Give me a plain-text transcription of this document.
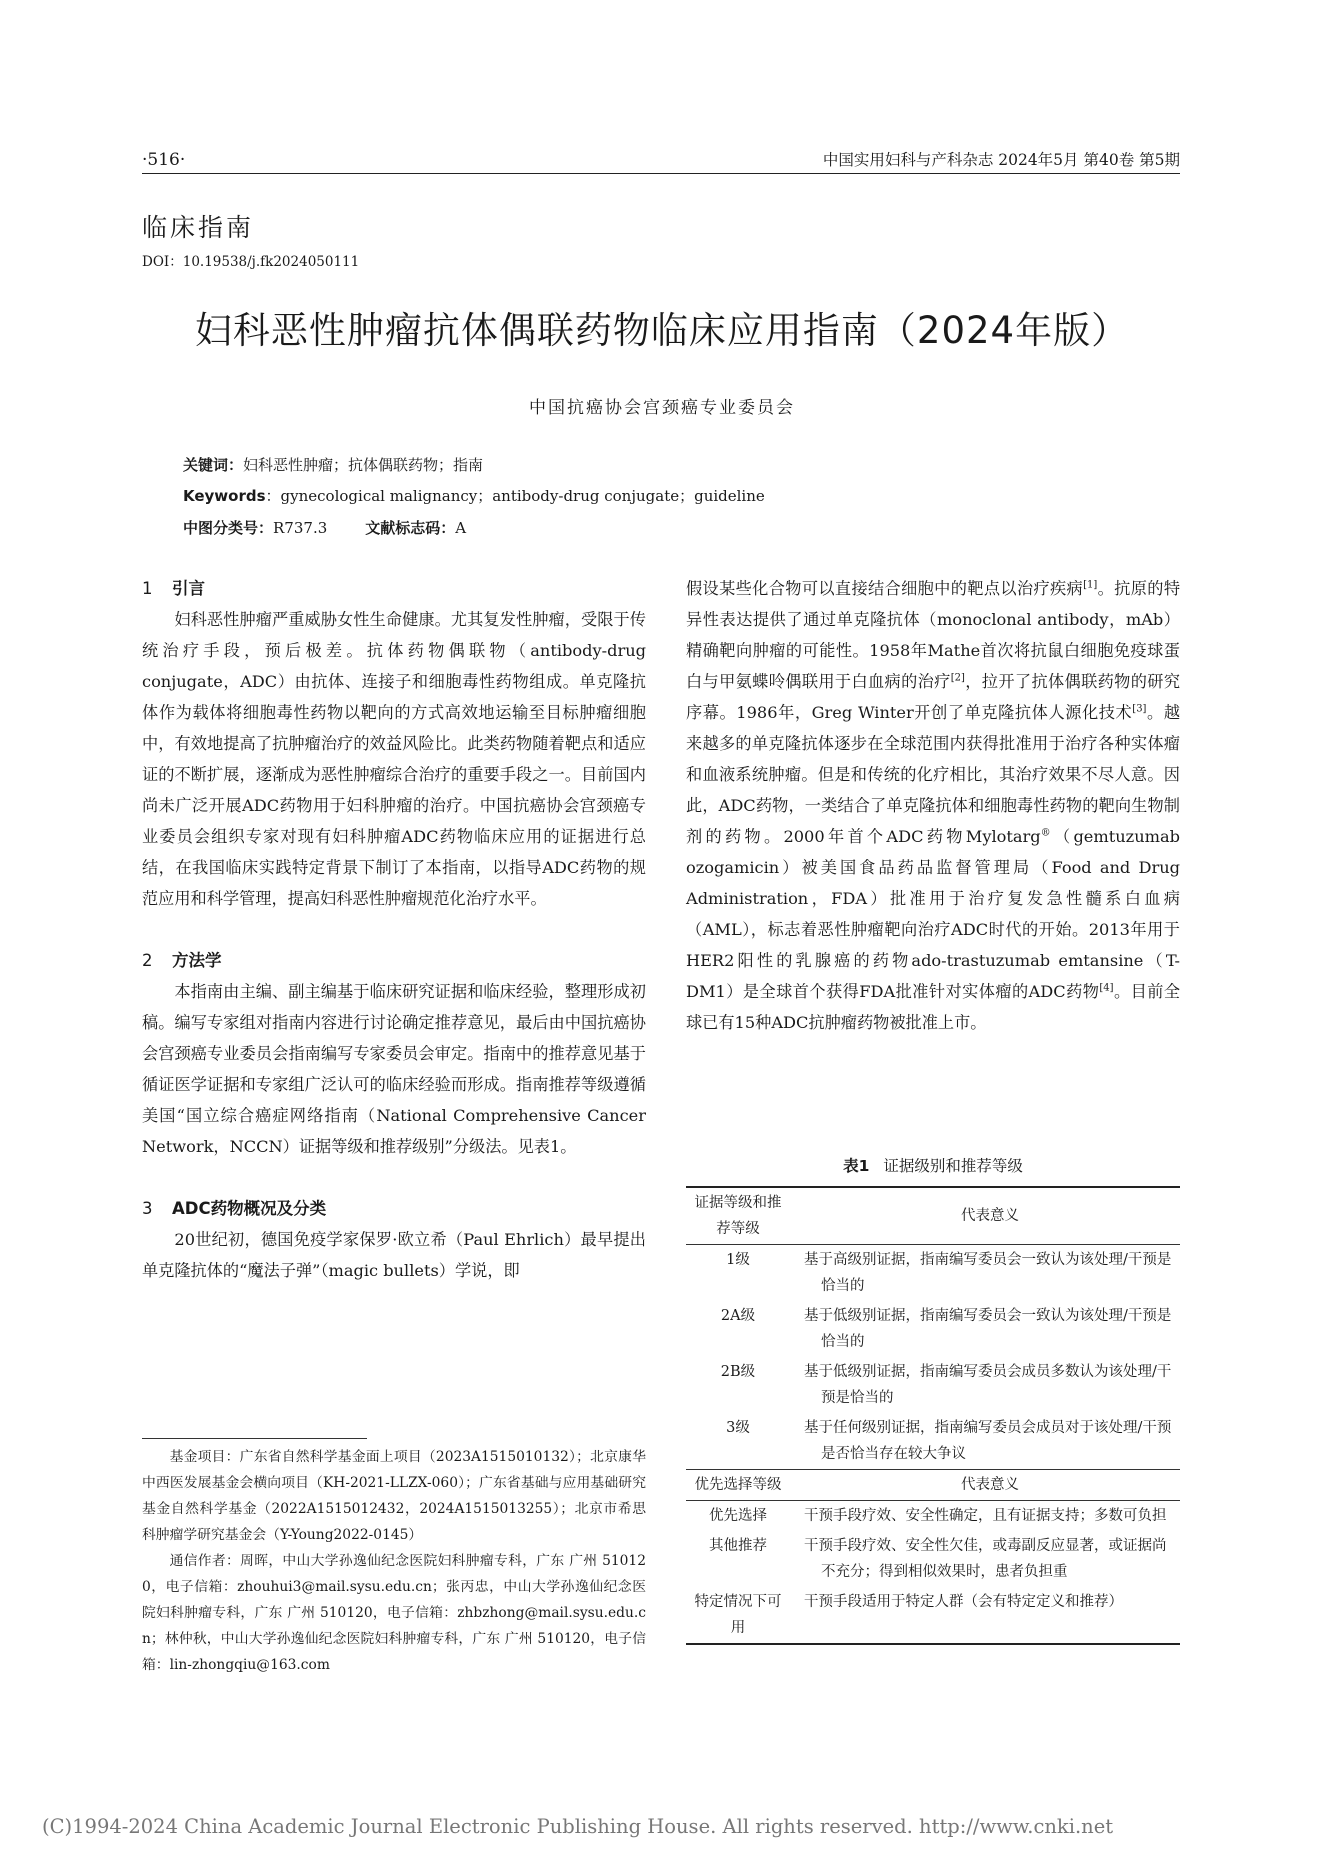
·516·	中国实用妇科与产科杂志 2024年5月 第40卷 第5期
临床指南
DOI：10.19538/j.fk2024050111
妇科恶性肿瘤抗体偶联药物临床应用指南（2024年版）
中国抗癌协会宫颈癌专业委员会
关键词：妇科恶性肿瘤；抗体偶联药物；指南
Keywords：gynecological malignancy；antibody-drug conjugate；guideline
中图分类号：R737.3	文献标志码：A
1 引言

妇科恶性肿瘤严重威胁女性生命健康。尤其复发性肿瘤，受限于传统治疗手段，预后极差。抗体药物偶联物（antibody-drug conjugate，ADC）由抗体、连接子和细胞毒性药物组成。单克隆抗体作为载体将细胞毒性药物以靶向的方式高效地运输至目标肿瘤细胞中，有效地提高了抗肿瘤治疗的效益风险比。此类药物随着靶点和适应证的不断扩展，逐渐成为恶性肿瘤综合治疗的重要手段之一。目前国内尚未广泛开展ADC药物用于妇科肿瘤的治疗。中国抗癌协会宫颈癌专业委员会组织专家对现有妇科肿瘤ADC药物临床应用的证据进行总结，在我国临床实践特定背景下制订了本指南，以指导ADC药物的规范应用和科学管理，提高妇科恶性肿瘤规范化治疗水平。

2 方法学

本指南由主编、副主编基于临床研究证据和临床经验，整理形成初稿。编写专家组对指南内容进行讨论确定推荐意见，最后由中国抗癌协会宫颈癌专业委员会指南编写专家委员会审定。指南中的推荐意见基于循证医学证据和专家组广泛认可的临床经验而形成。指南推荐等级遵循美国“国立综合癌症网络指南（National Comprehensive Cancer Network，NCCN）证据等级和推荐级别”分级法。见表1。

3 ADC药物概况及分类

20世纪初，德国免疫学家保罗·欧立希（Paul Ehrlich）最早提出单克隆抗体的“魔法子弹”（magic bullets）学说，即

基金项目：广东省自然科学基金面上项目（2023A1515010132）；北京康华中西医发展基金会横向项目（KH-2021-LLZX-060）；广东省基础与应用基础研究基金自然科学基金（2022A1515012432，2024A1515013255）；北京市希思科肿瘤学研究基金会（Y-Young2022-0145）

通信作者：周晖，中山大学孙逸仙纪念医院妇科肿瘤专科，广东 广州 510120，电子信箱：zhouhui3@mail.sysu.edu.cn；张丙忠，中山大学孙逸仙纪念医院妇科肿瘤专科，广东 广州 510120，电子信箱：zhbzhong@mail.sysu.edu.cn；林仲秋，中山大学孙逸仙纪念医院妇科肿瘤专科，广东 广州 510120，电子信箱：lin-zhongqiu@163.com

假设某些化合物可以直接结合细胞中的靶点以治疗疾病[1]。抗原的特异性表达提供了通过单克隆抗体（monoclonal antibody，mAb）精确靶向肿瘤的可能性。1958年Mathe首次将抗鼠白细胞免疫球蛋白与甲氨蝶呤偶联用于白血病的治疗[2]，拉开了抗体偶联药物的研究序幕。1986年，Greg Winter开创了单克隆抗体人源化技术[3]。越来越多的单克隆抗体逐步在全球范围内获得批准用于治疗各种实体瘤和血液系统肿瘤。但是和传统的化疗相比，其治疗效果不尽人意。因此，ADC药物，一类结合了单克隆抗体和细胞毒性药物的靶向生物制剂的药物。2000年首个ADC药物Mylotarg®（gemtuzumab ozogamicin）被美国食品药品监督管理局（Food and Drug Administration，FDA）批准用于治疗复发急性髓系白血病（AML），标志着恶性肿瘤靶向治疗ADC时代的开始。2013年用于HER2阳性的乳腺癌的药物ado-trastuzumab emtansine（T-DM1）是全球首个获得FDA批准针对实体瘤的ADC药物[4]。目前全球已有15种ADC抗肿瘤药物被批准上市。

表1 证据级别和推荐等级
证据等级和推荐等级	代表意义
1级	基于高级别证据，指南编写委员会一致认为该处理/干预是恰当的

2A级	基于低级别证据，指南编写委员会一致认为该处理/干预是恰当的

2B级	基于低级别证据，指南编写委员会成员多数认为该处理/干预是恰当的

3级	基于任何级别证据，指南编写委员会成员对于该处理/干预是否恰当存在较大争议

优先选择等级	代表意义
优先选择	干预手段疗效、安全性确定，且有证据支持；多数可负担

其他推荐	干预手段疗效、安全性欠佳，或毒副反应显著，或证据尚不充分；得到相似效果时，患者负担重

特定情况下可用	干预手段适用于特定人群（会有特定定义和推荐）
(C)1994-2024 China Academic Journal Electronic Publishing House. All rights reserved. http://www.cnki.net
